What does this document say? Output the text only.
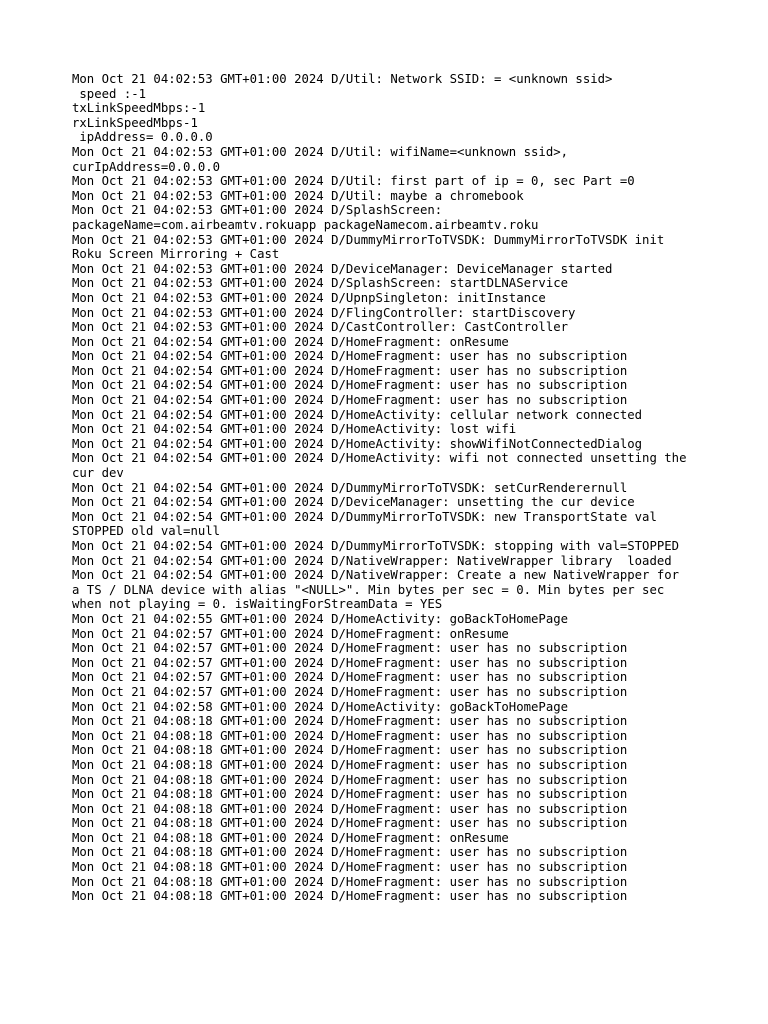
Mon Oct 21 04:02:53 GMT+01:00 2024 D/Util: Network SSID: = <unknown ssid>
speed :-1
txLinkSpeedMbps:-1
rxLinkSpeedMbps-1
ipAddress= 0.0.0.0
Mon Oct 21 04:02:53 GMT+01:00 2024 D/Util: wifiName=<unknown ssid>,
curIpAddress=0.0.0.0
Mon Oct 21 04:02:53 GMT+01:00 2024 D/Util: first part of ip = 0, sec Part =0
Mon Oct 21 04:02:53 GMT+01:00 2024 D/Util: maybe a chromebook
Mon Oct 21 04:02:53 GMT+01:00 2024 D/SplashScreen:
packageName=com.airbeamtv.rokuapp packageNamecom.airbeamtv.roku
Mon Oct 21 04:02:53 GMT+01:00 2024 D/DummyMirrorToTVSDK: DummyMirrorToTVSDK init
Roku Screen Mirroring + Cast
Mon Oct 21 04:02:53 GMT+01:00 2024 D/DeviceManager: DeviceManager started
Mon Oct 21 04:02:53 GMT+01:00 2024 D/SplashScreen: startDLNAService
Mon Oct 21 04:02:53 GMT+01:00 2024 D/UpnpSingleton: initInstance
Mon Oct 21 04:02:53 GMT+01:00 2024 D/FlingController: startDiscovery
Mon Oct 21 04:02:53 GMT+01:00 2024 D/CastController: CastController
Mon Oct 21 04:02:54 GMT+01:00 2024 D/HomeFragment: onResume
Mon Oct 21 04:02:54 GMT+01:00 2024 D/HomeFragment: user has no subscription
Mon Oct 21 04:02:54 GMT+01:00 2024 D/HomeFragment: user has no subscription
Mon Oct 21 04:02:54 GMT+01:00 2024 D/HomeFragment: user has no subscription
Mon Oct 21 04:02:54 GMT+01:00 2024 D/HomeFragment: user has no subscription
Mon Oct 21 04:02:54 GMT+01:00 2024 D/HomeActivity: cellular network connected
Mon Oct 21 04:02:54 GMT+01:00 2024 D/HomeActivity: lost wifi
Mon Oct 21 04:02:54 GMT+01:00 2024 D/HomeActivity: showWifiNotConnectedDialog
Mon Oct 21 04:02:54 GMT+01:00 2024 D/HomeActivity: wifi not connected unsetting the
cur dev
Mon Oct 21 04:02:54 GMT+01:00 2024 D/DummyMirrorToTVSDK: setCurRenderernull
Mon Oct 21 04:02:54 GMT+01:00 2024 D/DeviceManager: unsetting the cur device
Mon Oct 21 04:02:54 GMT+01:00 2024 D/DummyMirrorToTVSDK: new TransportState val
STOPPED old val=null
Mon Oct 21 04:02:54 GMT+01:00 2024 D/DummyMirrorToTVSDK: stopping with val=STOPPED
Mon Oct 21 04:02:54 GMT+01:00 2024 D/NativeWrapper: NativeWrapper library  loaded
Mon Oct 21 04:02:54 GMT+01:00 2024 D/NativeWrapper: Create a new NativeWrapper for
a TS / DLNA device with alias "<NULL>". Min bytes per sec = 0. Min bytes per sec
when not playing = 0. isWaitingForStreamData = YES
Mon Oct 21 04:02:55 GMT+01:00 2024 D/HomeActivity: goBackToHomePage
Mon Oct 21 04:02:57 GMT+01:00 2024 D/HomeFragment: onResume
Mon Oct 21 04:02:57 GMT+01:00 2024 D/HomeFragment: user has no subscription
Mon Oct 21 04:02:57 GMT+01:00 2024 D/HomeFragment: user has no subscription
Mon Oct 21 04:02:57 GMT+01:00 2024 D/HomeFragment: user has no subscription
Mon Oct 21 04:02:57 GMT+01:00 2024 D/HomeFragment: user has no subscription
Mon Oct 21 04:02:58 GMT+01:00 2024 D/HomeActivity: goBackToHomePage
Mon Oct 21 04:08:18 GMT+01:00 2024 D/HomeFragment: user has no subscription
Mon Oct 21 04:08:18 GMT+01:00 2024 D/HomeFragment: user has no subscription
Mon Oct 21 04:08:18 GMT+01:00 2024 D/HomeFragment: user has no subscription
Mon Oct 21 04:08:18 GMT+01:00 2024 D/HomeFragment: user has no subscription
Mon Oct 21 04:08:18 GMT+01:00 2024 D/HomeFragment: user has no subscription
Mon Oct 21 04:08:18 GMT+01:00 2024 D/HomeFragment: user has no subscription
Mon Oct 21 04:08:18 GMT+01:00 2024 D/HomeFragment: user has no subscription
Mon Oct 21 04:08:18 GMT+01:00 2024 D/HomeFragment: user has no subscription
Mon Oct 21 04:08:18 GMT+01:00 2024 D/HomeFragment: onResume
Mon Oct 21 04:08:18 GMT+01:00 2024 D/HomeFragment: user has no subscription
Mon Oct 21 04:08:18 GMT+01:00 2024 D/HomeFragment: user has no subscription
Mon Oct 21 04:08:18 GMT+01:00 2024 D/HomeFragment: user has no subscription
Mon Oct 21 04:08:18 GMT+01:00 2024 D/HomeFragment: user has no subscription
